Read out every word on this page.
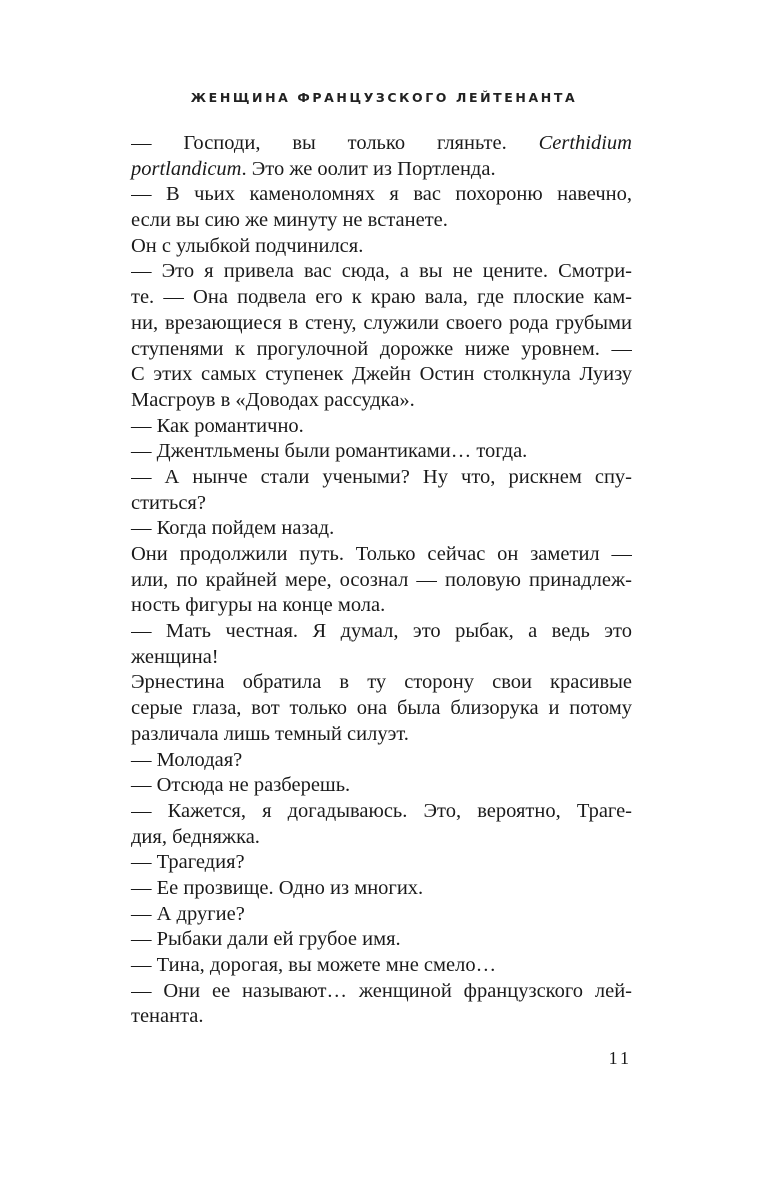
ЖЕНЩИНА ФРАНЦУЗСКОГО ЛЕЙТЕНАНТА
— Господи, вы только гляньте. Certhidium
portlandicum. Это же оолит из Портленда.
— В чьих каменоломнях я вас похороню навечно,
если вы сию же минуту не встанете.
Он с улыбкой подчинился.
— Это я привела вас сюда, а вы не цените. Смотри-
те. — Она подвела его к краю вала, где плоские кам-
ни, врезающиеся в стену, служили своего рода грубыми
ступенями к прогулочной дорожке ниже уровнем. —
С этих самых ступенек Джейн Остин столкнула Луизу
Масгроув в «Доводах рассудка».
— Как романтично.
— Джентльмены были романтиками… тогда.
— А нынче стали учеными? Ну что, рискнем спу-
ститься?
— Когда пойдем назад.
Они продолжили путь. Только сейчас он заметил —
или, по крайней мере, осознал — половую принадлеж-
ность фигуры на конце мола.
— Мать честная. Я думал, это рыбак, а ведь это
женщина!
Эрнестина обратила в ту сторону свои красивые
серые глаза, вот только она была близорука и потому
различала лишь темный силуэт.
— Молодая?
— Отсюда не разберешь.
— Кажется, я догадываюсь. Это, вероятно, Траге-
дия, бедняжка.
— Трагедия?
— Ее прозвище. Одно из многих.
— А другие?
— Рыбаки дали ей грубое имя.
— Тина, дорогая, вы можете мне смело…
— Они ее называют… женщиной французского лей-
тенанта.
11
